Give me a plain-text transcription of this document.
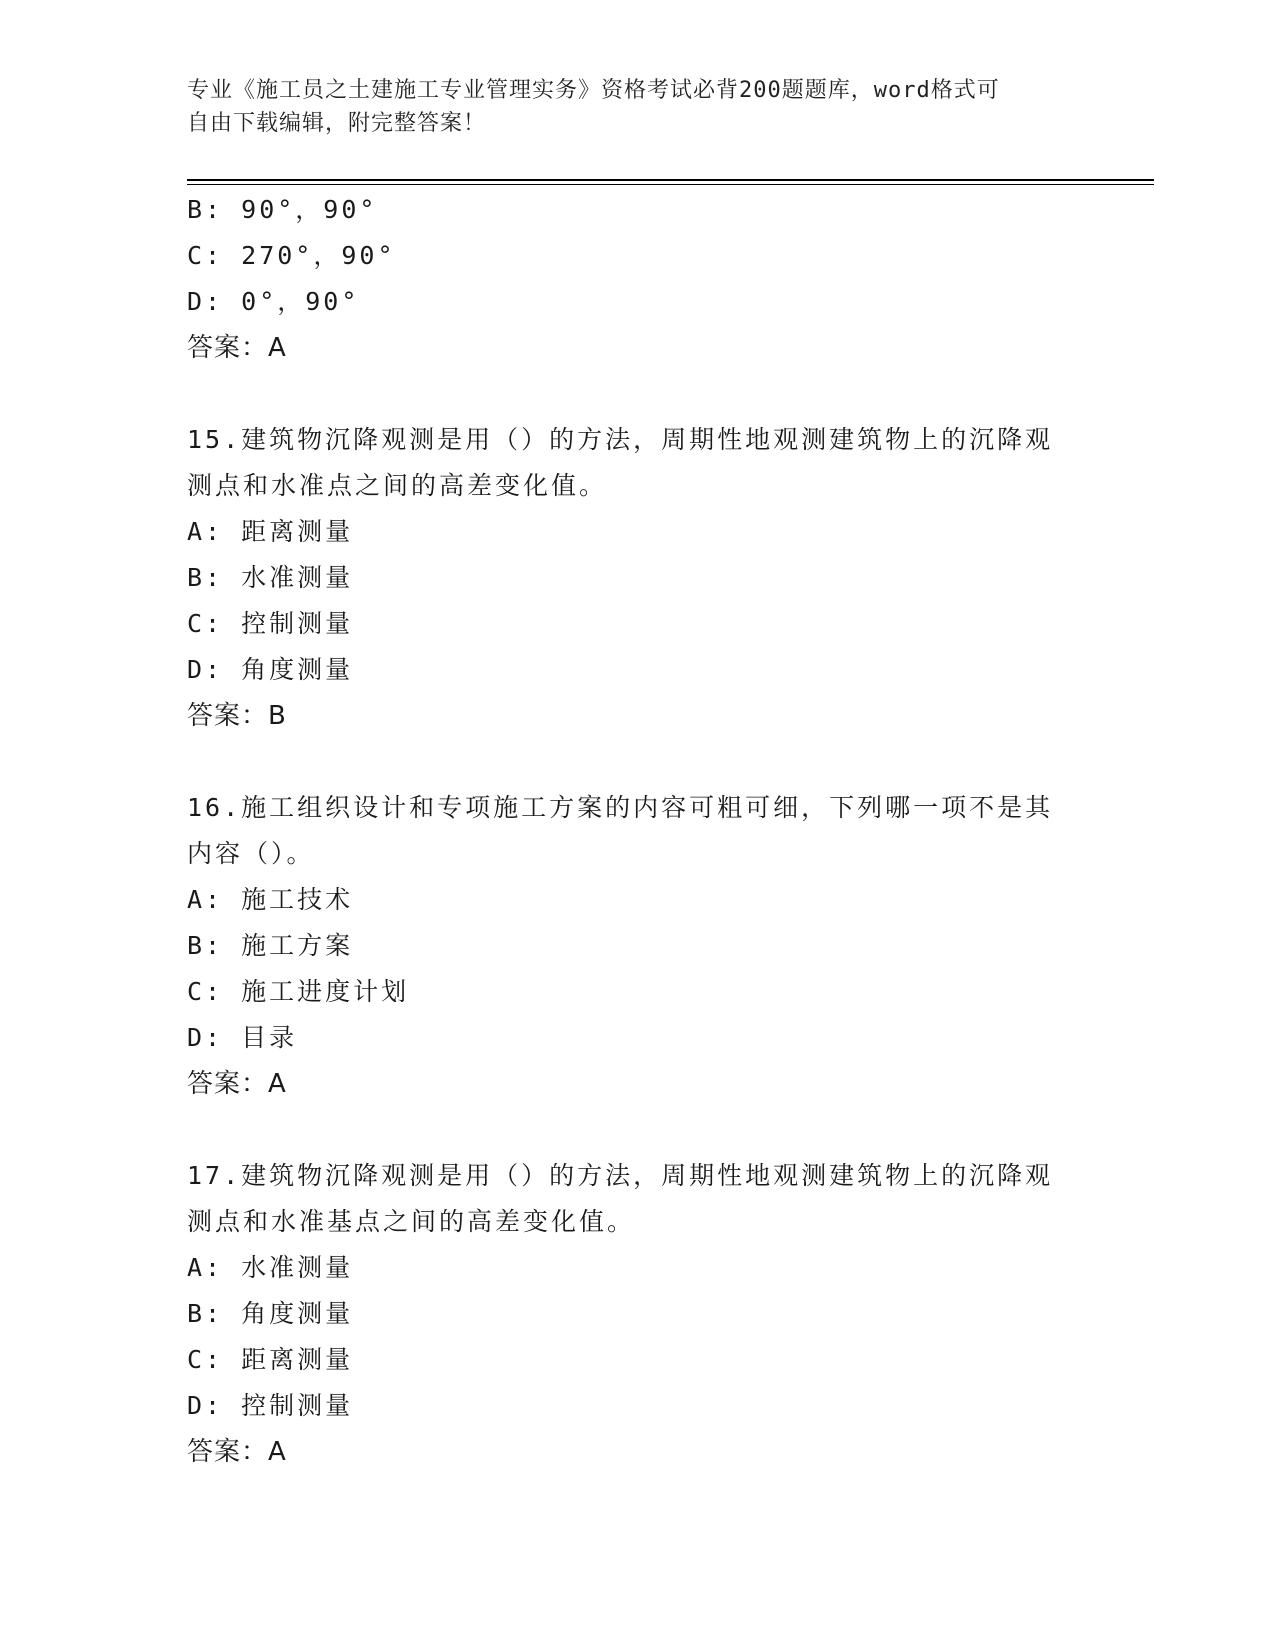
专业《施工员之土建施工专业管理实务》资格考试必背200题题库，word格式可
自由下载编辑，附完整答案！
B: 90°，90°
C: 270°，90°
D: 0°，90°
答案：A
15.建筑物沉降观测是用（）的方法，周期性地观测建筑物上的沉降观
测点和水准点之间的高差变化值。
A: 距离测量
B: 水准测量
C: 控制测量
D: 角度测量
答案：B
16.施工组织设计和专项施工方案的内容可粗可细，下列哪一项不是其
内容（）。
A: 施工技术
B: 施工方案
C: 施工进度计划
D: 目录
答案：A
17.建筑物沉降观测是用（）的方法，周期性地观测建筑物上的沉降观
测点和水准基点之间的高差变化值。
A: 水准测量
B: 角度测量
C: 距离测量
D: 控制测量
答案：A
